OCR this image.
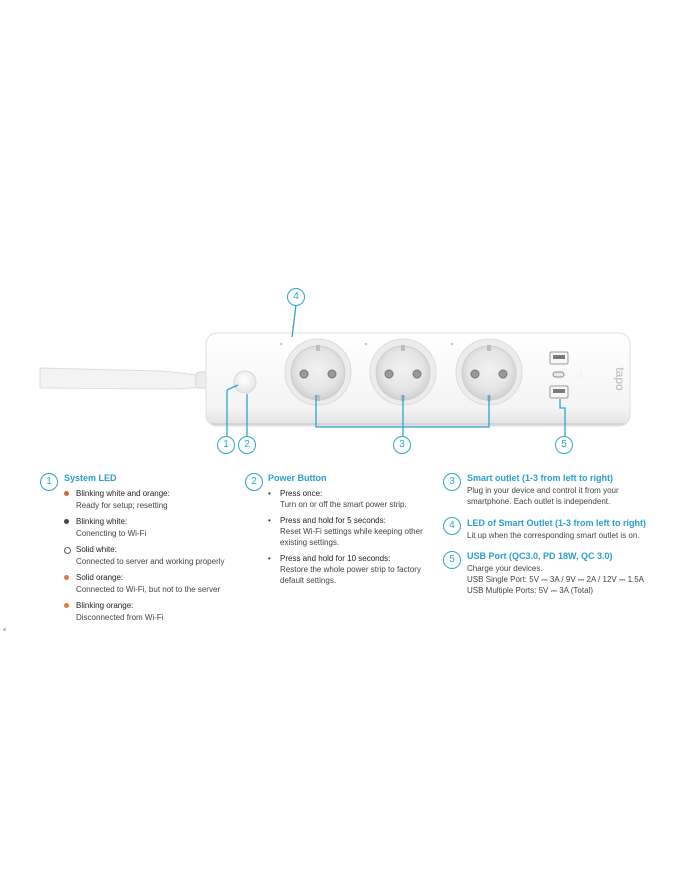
▪ ▪ ▪	tapo
4
1	2	3	5
1	System LED
Blinking white and orange:
Ready for setup; resetting
Blinking white:
Conencting to Wi-Fi
Solid white:
Connected to server and working properly
Solid orange:
Connected to Wi-Fi, but not to the server
Blinking orange:
Disconnected from Wi-Fi
2	Power Button
• Press once:
Turn on or off the smart power strip.
• Press and hold for 5 seconds:
Reset Wi-Fi settings while keeping other
existing settings.
• Press and hold for 10 seconds:
Restore the whole power strip to factory
default settings.
3	Smart outlet (1-3 from left to right)
Plug in your device and control it from your
smartphone. Each outlet is independent.
4	LED of Smart Outlet (1-3 from left to right)
Lit up when the corresponding smart outlet is on.
5	USB Port (QC3.0, PD 18W, QC 3.0)
Charge your devices.
USB Single Port: 5V ⎓ 3A / 9V ⎓ 2A / 12V ⎓ 1.5A
USB Multiple Ports: 5V ⎓ 3A (Total)
